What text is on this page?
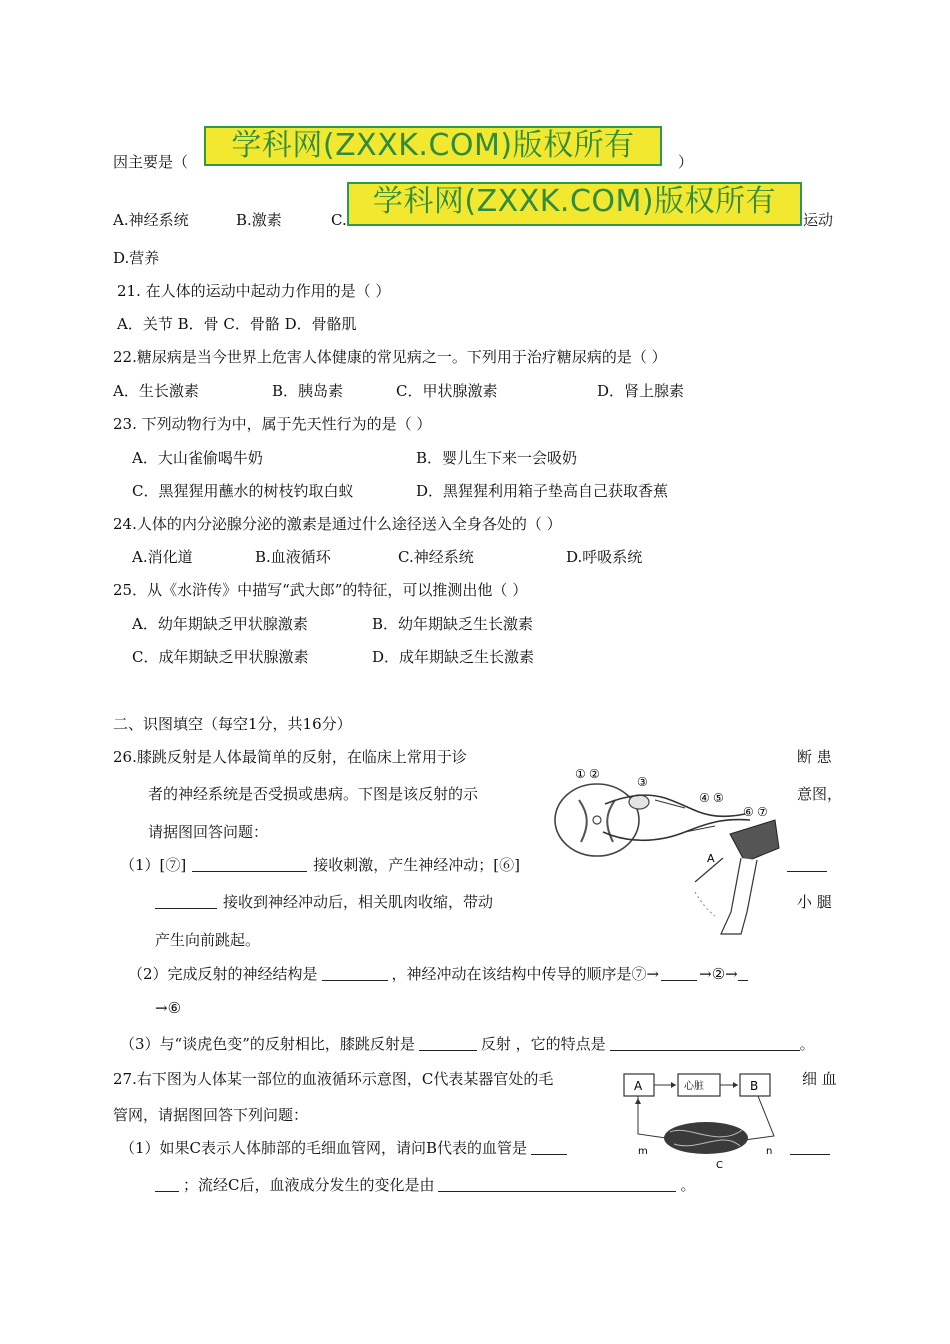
因主要是（	学科网(ZXXK.COM)版权所有	）
A.神经系统	B.激素	C.
学科网(ZXXK.COM)版权所有
运动
D.营养
21. 在人体的运动中起动力作用的是（ ）
A．关节 B．骨 C．骨骼 D．骨骼肌
22.糖尿病是当今世界上危害人体健康的常见病之一。下列用于治疗糖尿病的是（ ）
A．生长激素	B．胰岛素	C．甲状腺激素	D．肾上腺素
23. 下列动物行为中，属于先天性行为的是（ ）
A．大山雀偷喝牛奶	B．婴儿生下来一会吸奶
C．黑猩猩用蘸水的树枝钓取白蚁	D．黑猩猩利用箱子垫高自己获取香蕉
24.人体的内分泌腺分泌的激素是通过什么途径送入全身各处的（ ）
A.消化道	B.血液循环	C.神经系统	D.呼吸系统
25．从《水浒传》中描写“武大郎”的特征，可以推测出他（ ）
A．幼年期缺乏甲状腺激素	B．幼年期缺乏生长激素
C．成年期缺乏甲状腺激素	D．成年期缺乏生长激素
二、识图填空（每空1分，共16分）
26.膝跳反射是人体最简单的反射，在临床上常用于诊	断 患
者的神经系统是否受损或患病。下图是该反射的示	意图，
请据图回答问题：
（1）[⑦]	接收刺激，产生神经冲动；[⑥]
接收到神经冲动后，相关肌肉收缩，带动	小 腿
产生向前跳起。
（2）完成反射的神经结构是	，神经冲动在该结构中传导的顺序是⑦→	→②→
→⑥
（3）与“谈虎色变”的反射相比，膝跳反射是	反射 ，它的特点是	。
① ②
③
④ ⑤
⑥ ⑦
A
27.右下图为人体某一部位的血液循环示意图，C代表某器官处的毛	细 血
管网，请据图回答下列问题：
（1）如果C表示人体肺部的毛细血管网，请问B代表的血管是
；流经C后，血液成分发生的变化是由	。
A	心脏	B
m	n
C
